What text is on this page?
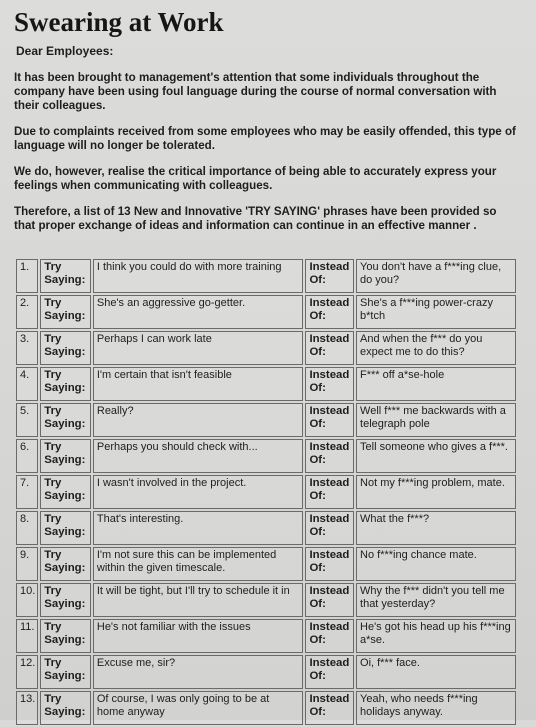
Swearing at Work

Dear Employees:

It has been brought to management's attention that some individuals throughout the company have been using foul language during the course of normal conversation with their colleagues.

Due to complaints received from some employees who may be easily offended, this type of language will no longer be tolerated.

We do, however, realise the critical importance of being able to accurately express your feelings when communicating with colleagues.

Therefore, a list of 13 New and Innovative 'TRY SAYING' phrases have been provided so that proper exchange of ideas and information can continue in an effective manner .

1.	Try Saying:	I think you could do with more training	Instead Of:	You don't have a f***ing clue, do you?
2.	Try Saying:	She's an aggressive go-getter.	Instead Of:	She's a f***ing power-crazy b*tch
3.	Try Saying:	Perhaps I can work late	Instead Of:	And when the f*** do you expect me to do this?
4.	Try Saying:	I'm certain that isn't feasible	Instead Of:	F*** off a*se-hole
5.	Try Saying:	Really?	Instead Of:	Well f*** me backwards with a telegraph pole
6.	Try Saying:	Perhaps you should check with...	Instead Of:	Tell someone who gives a f***.
7.	Try Saying:	I wasn't involved in the project.	Instead Of:	Not my f***ing problem, mate.
8.	Try Saying:	That's interesting.	Instead Of:	What the f***?
9.	Try Saying:	I'm not sure this can be implemented within the given timescale.	Instead Of:	No f***ing chance mate.
10.	Try Saying:	It will be tight, but I'll try to schedule it in	Instead Of:	Why the f*** didn't you tell me that yesterday?
11.	Try Saying:	He's not familiar with the issues	Instead Of:	He's got his head up his f***ing a*se.
12.	Try Saying:	Excuse me, sir?	Instead Of:	Oi, f*** face.
13.	Try Saying:	Of course, I was only going to be at home anyway	Instead Of:	Yeah, who needs f***ing holidays anyway.
